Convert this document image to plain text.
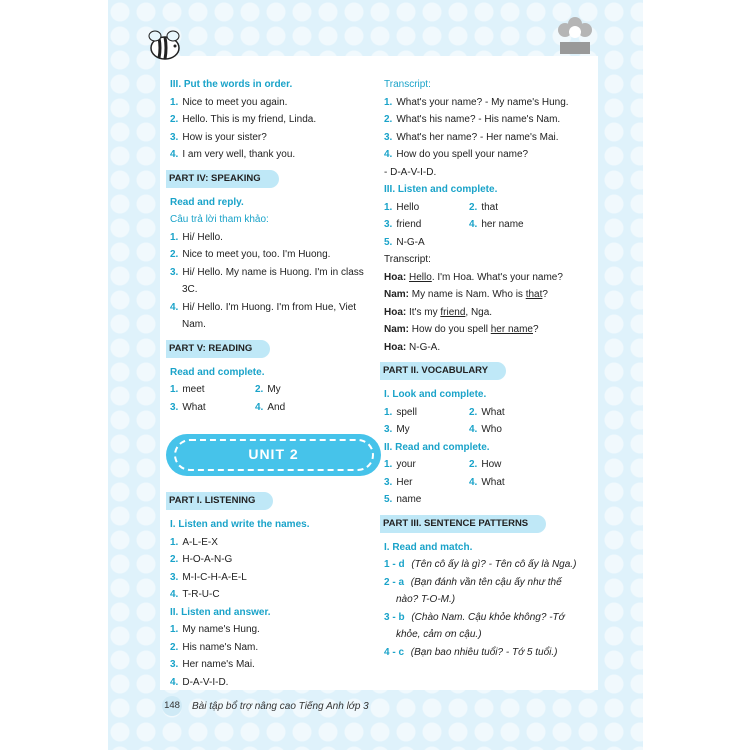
III. Put the words in order.
1. Nice to meet you again.
2. Hello. This is my friend, Linda.
3. How is your sister?
4. I am very well, thank you.
PART IV: SPEAKING
Read and reply.
Câu trả lời tham khảo:
1. Hi/ Hello.
2. Nice to meet you, too. I'm Huong.
3. Hi/ Hello. My name is Huong. I'm in class
3C.
4. Hi/ Hello. I'm Huong. I'm from Hue, Viet
Nam.
PART V: READING
Read and complete.
1. meet	2. My
3. What	4. And
UNIT 2
PART I. LISTENING
I. Listen and write the names.
1. A-L-E-X
2. H-O-A-N-G
3. M-I-C-H-A-E-L
4. T-R-U-C
II. Listen and answer.
1. My name's Hung.
2. His name's Nam.
3. Her name's Mai.
4. D-A-V-I-D.
Transcript:
1. What's your name? - My name's Hung.
2. What's his name? - His name's Nam.
3. What's her name? - Her name's Mai.
4. How do you spell your name?
- D-A-V-I-D.
III. Listen and complete.
1. Hello	2. that
3. friend	4. her name
5. N-G-A
Transcript:
Hoa: Hello. I'm Hoa. What's your name?
Nam: My name is Nam. Who is that?
Hoa: It's my friend, Nga.
Nam: How do you spell her name?
Hoa: N-G-A.
PART II. VOCABULARY
I. Look and complete.
1. spell	2. What
3. My	4. Who
II. Read and complete.
1. your	2. How
3. Her	4. What
5. name
PART III. SENTENCE PATTERNS
I. Read and match.
1 - d (Tên cô ấy là gì? - Tên cô ấy là Nga.)
2 - a (Bạn đánh vần tên cậu ấy như thế
nào? T-O-M.)
3 - b (Chào Nam. Cậu khỏe không? -Tớ
khỏe, cảm ơn cậu.)
4 - c (Bạn bao nhiêu tuổi? - Tớ 5 tuổi.)
148 Bài tập bổ trợ nâng cao Tiếng Anh lớp 3
